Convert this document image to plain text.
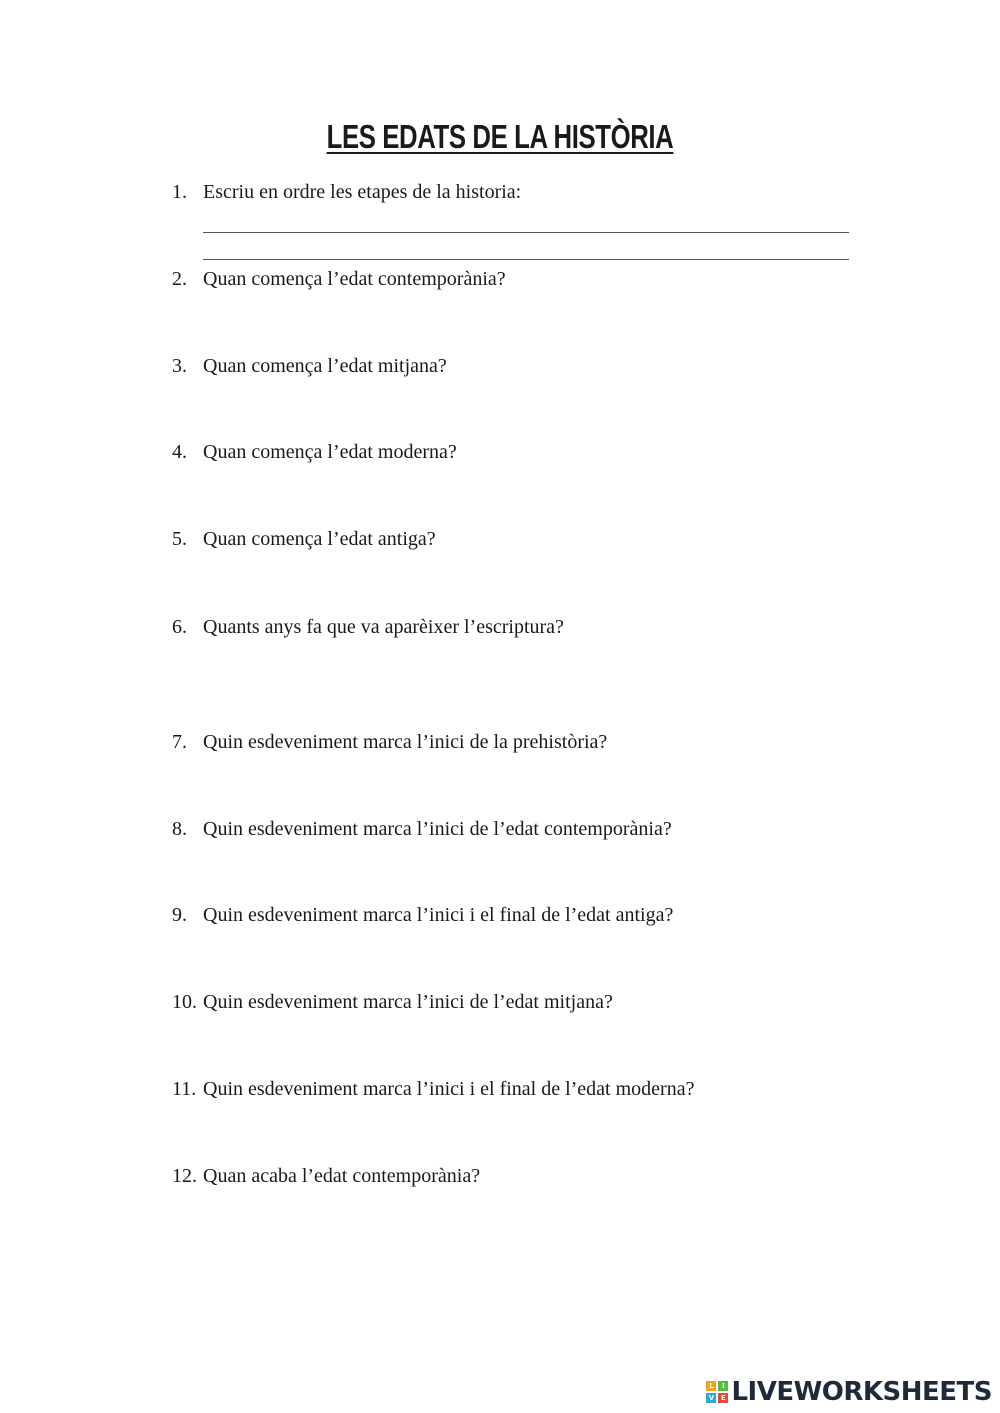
LES EDATS DE LA HISTÒRIA
1. Escriu en ordre les etapes de la historia:
2. Quan comença l’edat contemporània?
3. Quan comença l’edat mitjana?
4. Quan comença l’edat moderna?
5. Quan comença l’edat antiga?
6. Quants anys fa que va aparèixer l’escriptura?
7. Quin esdeveniment marca l’inici de la prehistòria?
8. Quin esdeveniment marca l’inici de l’edat contemporània?
9. Quin esdeveniment marca l’inici i el final de l’edat antiga?
10. Quin esdeveniment marca l’inici de l’edat mitjana?
11. Quin esdeveniment marca l’inici i el final de l’edat moderna?
12. Quan acaba l’edat contemporània?
L	I
V E LIVEWORKSHEETS
